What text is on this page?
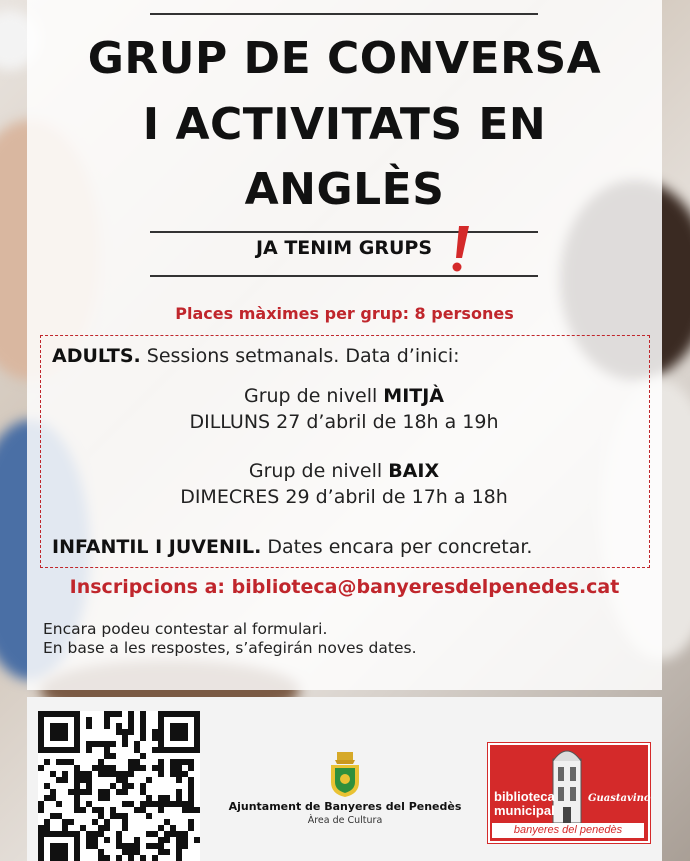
GRUP DE CONVERSA
I ACTIVITATS EN
ANGLÈS
JA TENIM GRUPS
Places màximes per grup: 8 persones
ADULTS. Sessions setmanals. Data d’inici:
Grup de nivell MITJÀ
DILLUNS 27 d’abril de 18h a 19h
Grup de nivell BAIX
DIMECRES 29 d’abril de 17h a 18h
INFANTIL I JUVENIL. Dates encara per concretar.
Inscripcions a: biblioteca@banyeresdelpenedes.cat
Encara podeu contestar al formulari.
En base a les respostes, s’afegirán noves dates.
Ajuntament de Banyeres del Penedès
Àrea de Cultura
biblioteca
municipal
Guastavino
banyeres del penedès
